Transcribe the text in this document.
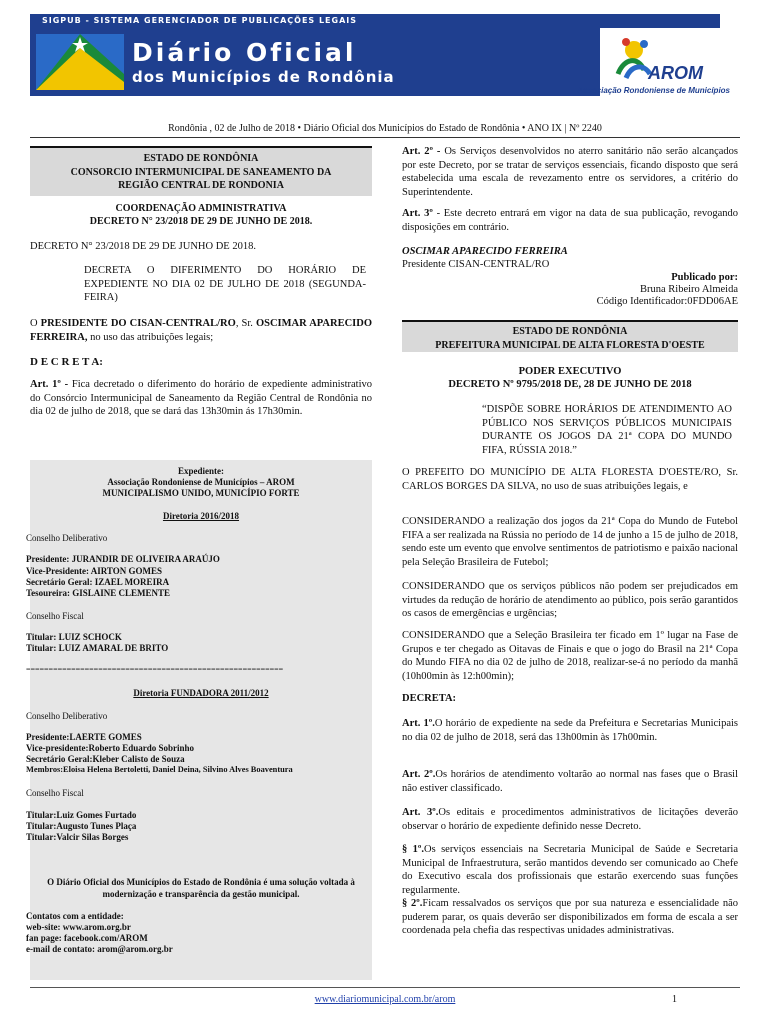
SIGPUB - SISTEMA GERENCIADOR DE PUBLICAÇÕES LEGAIS
Diário Oficial
dos Municípios de Rondônia	AROM
Associação Rondoniense de Municípios
Rondônia , 02 de Julho de 2018 • Diário Oficial dos Municípios do Estado de Rondônia • ANO IX | Nº 2240
ESTADO DE RONDÔNIA
CONSORCIO INTERMUNICIPAL DE SANEAMENTO DA
REGIÃO CENTRAL DE RONDONIA
COORDENAÇÃO ADMINISTRATIVA
DECRETO N° 23/2018 DE 29 DE JUNHO DE 2018.
DECRETO N° 23/2018 DE 29 DE JUNHO DE 2018.
DECRETA O DIFERIMENTO DO HORÁRIO DE EXPEDIENTE NO DIA 02 DE JULHO DE 2018 (SEGUNDA-FEIRA)
O PRESIDENTE DO CISAN-CENTRAL/RO, Sr. OSCIMAR APARECIDO FERREIRA, no uso das atribuições legais;
D E C R E T A:
Art. 1º - Fica decretado o diferimento do horário de expediente administrativo do Consórcio Intermunicipal de Saneamento da Região Central de Rondônia no dia 02 de julho de 2018, que se dará das 13h30min ás 17h30min.
Expediente:
Associação Rondoniense de Municípios – AROM
MUNICIPALISMO UNIDO, MUNICÍPIO FORTE
Diretoria 2016/2018
Conselho Deliberativo
Presidente: JURANDIR DE OLIVEIRA ARAÚJO
Vice-Presidente: AIRTON GOMES
Secretário Geral: IZAEL MOREIRA
Tesoureira: GISLAINE CLEMENTE
Conselho Fiscal
Titular: LUIZ SCHOCK
Titular: LUIZ AMARAL DE BRITO
=========================================================
Diretoria FUNDADORA 2011/2012
Conselho Deliberativo
Presidente:LAERTE GOMES
Vice-presidente:Roberto Eduardo Sobrinho
Secretário Geral:Kleber Calisto de Souza
Membros:Eloisa Helena Bertoletti, Daniel Deina, Silvino Alves Boaventura
Conselho Fiscal
Titular:Luiz Gomes Furtado
Titular:Augusto Tunes Plaça
Titular:Valcir Silas Borges
O Diário Oficial dos Municípios do Estado de Rondônia é uma solução voltada à modernização e transparência da gestão municipal.
Contatos com a entidade:
web-site: www.arom.org.br
fan page: facebook.com/AROM
e-mail de contato: arom@arom.org.br
Art. 2º - Os Serviços desenvolvidos no aterro sanitário não serão alcançados por este Decreto, por se tratar de serviços essenciais, ficando disposto que será estabelecida uma escala de revezamento entre os servidores, a critério do Superintendente.
Art. 3º - Este decreto entrará em vigor na data de sua publicação, revogando disposições em contrário.
OSCIMAR APARECIDO FERREIRA
Presidente CISAN-CENTRAL/RO
Publicado por:
Bruna Ribeiro Almeida
Código Identificador:0FDD06AE
ESTADO DE RONDÔNIA
PREFEITURA MUNICIPAL DE ALTA FLORESTA D'OESTE
PODER EXECUTIVO
DECRETO Nº 9795/2018 DE, 28 DE JUNHO DE 2018
“DISPÕE SOBRE HORÁRIOS DE ATENDIMENTO AO PÚBLICO NOS SERVIÇOS PÚBLICOS MUNICIPAIS DURANTE OS JOGOS DA 21ª COPA DO MUNDO FIFA, RÚSSIA 2018.”
O PREFEITO DO MUNICÍPIO DE ALTA FLORESTA D'OESTE/RO, Sr. CARLOS BORGES DA SILVA, no uso de suas atribuições legais, e
CONSIDERANDO a realização dos jogos da 21ª Copa do Mundo de Futebol FIFA a ser realizada na Rússia no período de 14 de junho a 15 de julho de 2018, sendo este um evento que envolve sentimentos de patriotismo e paixão nacional pela Seleção Brasileira de Futebol;
CONSIDERANDO que os serviços públicos não podem ser prejudicados em virtudes da redução de horário de atendimento ao público, pois serão garantidos os casos de emergências e urgências;
CONSIDERANDO que a Seleção Brasileira ter ficado em 1º lugar na Fase de Grupos e ter chegado as Oitavas de Finais e que o jogo do Brasil na 21ª Copa do Mundo FIFA no dia 02 de julho de 2018, realizar-se-á no período da manhã (10h00min às 12:h00min);
DECRETA:
Art. 1º.O horário de expediente na sede da Prefeitura e Secretarias Municipais no dia 02 de julho de 2018, será das 13h00min às 17h00min.
Art. 2º.Os horários de atendimento voltarão ao normal nas fases que o Brasil não estiver classificado.
Art. 3º.Os editais e procedimentos administrativos de licitações deverão observar o horário de expediente definido nesse Decreto.
§ 1º.Os serviços essenciais na Secretaria Municipal de Saúde e Secretaria Municipal de Infraestrutura, serão mantidos devendo ser comunicado ao Chefe do Executivo escala dos profissionais que estarão exercendo suas funções regularmente.
§ 2º.Ficam ressalvados os serviços que por sua natureza e essencialidade não puderem parar, os quais deverão ser disponibilizados em forma de escala a ser coordenada pela chefia das respectivas unidades administrativas.
www.diariomunicipal.com.br/arom	1
